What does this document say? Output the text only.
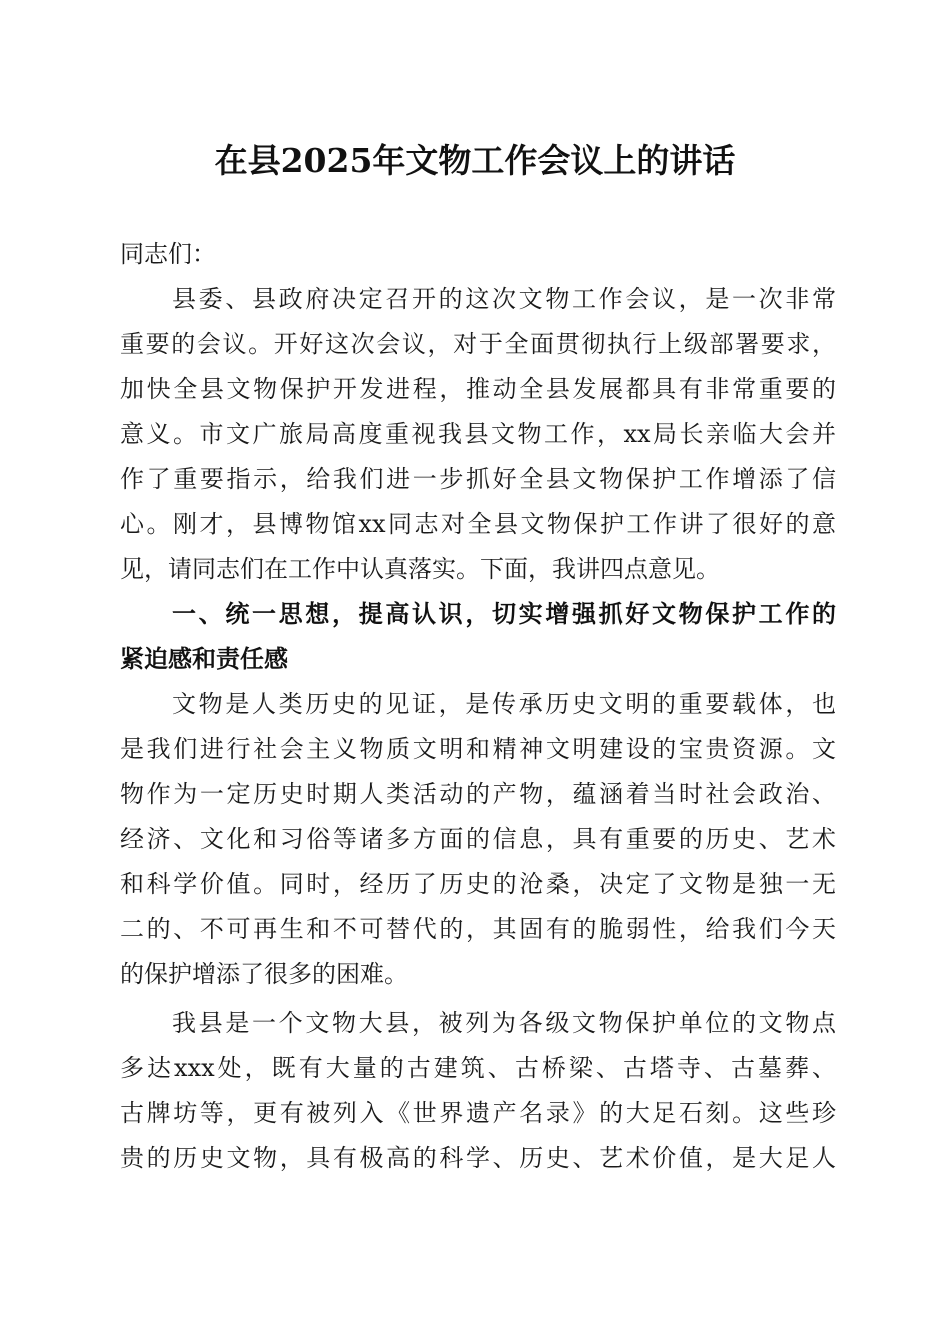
在县2025年文物工作会议上的讲话
同志们：
县委、县政府决定召开的这次文物工作会议，是一次非常
重要的会议。开好这次会议，对于全面贯彻执行上级部署要求，
加快全县文物保护开发进程，推动全县发展都具有非常重要的
意义。市文广旅局高度重视我县文物工作，xx局长亲临大会并
作了重要指示，给我们进一步抓好全县文物保护工作增添了信
心。刚才，县博物馆xx同志对全县文物保护工作讲了很好的意
见，请同志们在工作中认真落实。下面，我讲四点意见。
一、统一思想，提高认识，切实增强抓好文物保护工作的
紧迫感和责任感
文物是人类历史的见证，是传承历史文明的重要载体，也
是我们进行社会主义物质文明和精神文明建设的宝贵资源。文
物作为一定历史时期人类活动的产物，蕴涵着当时社会政治、
经济、文化和习俗等诸多方面的信息，具有重要的历史、艺术
和科学价值。同时，经历了历史的沧桑，决定了文物是独一无
二的、不可再生和不可替代的，其固有的脆弱性，给我们今天
的保护增添了很多的困难。
我县是一个文物大县，被列为各级文物保护单位的文物点
多达xxx处，既有大量的古建筑、古桥梁、古塔寺、古墓葬、
古牌坊等，更有被列入《世界遗产名录》的大足石刻。这些珍
贵的历史文物，具有极高的科学、历史、艺术价值，是大足人
